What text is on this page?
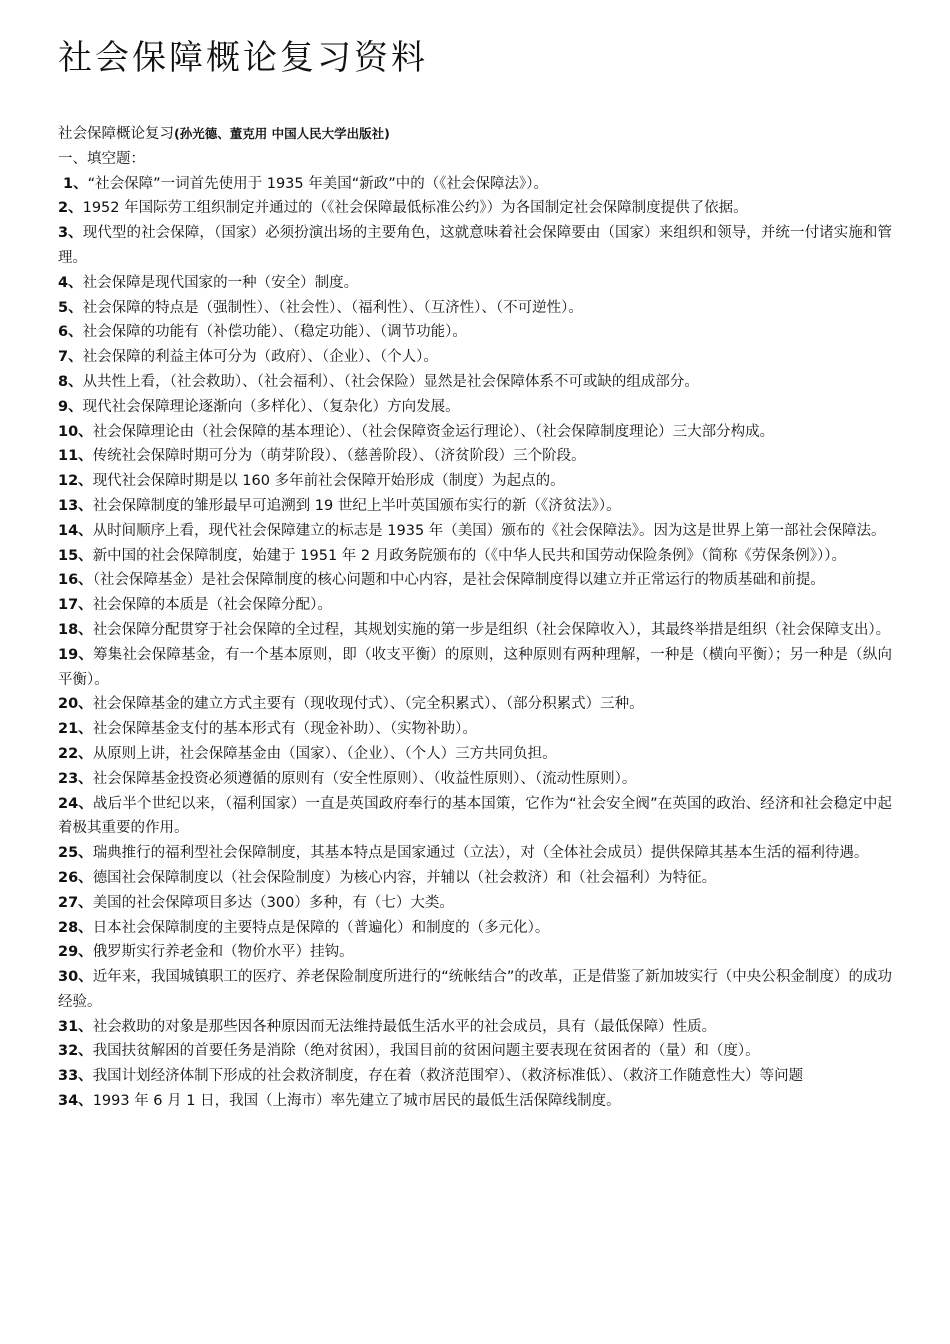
社会保障概论复习资料
社会保障概论复习(孙光德、董克用 中国人民大学出版社)
一、填空题：
1、“社会保障”一词首先使用于 1935 年美国“新政”中的（《社会保障法》）。
2、1952 年国际劳工组织制定并通过的（《社会保障最低标准公约》）为各国制定社会保障制度提供了依据。
3、现代型的社会保障，（国家）必须扮演出场的主要角色，这就意味着社会保障要由（国家）来组织和领导，并统一付诸实施和管理。
4、社会保障是现代国家的一种（安全）制度。
5、社会保障的特点是（强制性）、（社会性）、（福利性）、（互济性）、（不可逆性）。
6、社会保障的功能有（补偿功能）、（稳定功能）、（调节功能）。
7、社会保障的利益主体可分为（政府）、（企业）、（个人）。
8、从共性上看，（社会救助）、（社会福利）、（社会保险）显然是社会保障体系不可或缺的组成部分。
9、现代社会保障理论逐渐向（多样化）、（复杂化）方向发展。
10、社会保障理论由（社会保障的基本理论）、（社会保障资金运行理论）、（社会保障制度理论）三大部分构成。
11、传统社会保障时期可分为（萌芽阶段）、（慈善阶段）、（济贫阶段）三个阶段。
12、现代社会保障时期是以 160 多年前社会保障开始形成（制度）为起点的。
13、社会保障制度的雏形最早可追溯到 19 世纪上半叶英国颁布实行的新（《济贫法》）。
14、从时间顺序上看，现代社会保障建立的标志是 1935 年（美国）颁布的《社会保障法》。因为这是世界上第一部社会保障法。
15、新中国的社会保障制度，始建于 1951 年 2 月政务院颁布的（《中华人民共和国劳动保险条例》（简称《劳保条例》））。
16、（社会保障基金）是社会保障制度的核心问题和中心内容，是社会保障制度得以建立并正常运行的物质基础和前提。
17、社会保障的本质是（社会保障分配）。
18、社会保障分配贯穿于社会保障的全过程，其规划实施的第一步是组织（社会保障收入），其最终举措是组织（社会保障支出）。
19、筹集社会保障基金，有一个基本原则，即（收支平衡）的原则，这种原则有两种理解，一种是（横向平衡）；另一种是（纵向平衡）。
20、社会保障基金的建立方式主要有（现收现付式）、（完全积累式）、（部分积累式）三种。
21、社会保障基金支付的基本形式有（现金补助）、（实物补助）。
22、从原则上讲，社会保障基金由（国家）、（企业）、（个人）三方共同负担。
23、社会保障基金投资必须遵循的原则有（安全性原则）、（收益性原则）、（流动性原则）。
24、战后半个世纪以来，（福利国家）一直是英国政府奉行的基本国策，它作为“社会安全阀”在英国的政治、经济和社会稳定中起着极其重要的作用。
25、瑞典推行的福利型社会保障制度，其基本特点是国家通过（立法），对（全体社会成员）提供保障其基本生活的福利待遇。
26、德国社会保障制度以（社会保险制度）为核心内容，并辅以（社会救济）和（社会福利）为特征。
27、美国的社会保障项目多达（300）多种，有（七）大类。
28、日本社会保障制度的主要特点是保障的（普遍化）和制度的（多元化）。
29、俄罗斯实行养老金和（物价水平）挂钩。
30、近年来，我国城镇职工的医疗、养老保险制度所进行的“统帐结合”的改革，正是借鉴了新加坡实行（中央公积金制度）的成功经验。
31、社会救助的对象是那些因各种原因而无法维持最低生活水平的社会成员，具有（最低保障）性质。
32、我国扶贫解困的首要任务是消除（绝对贫困），我国目前的贫困问题主要表现在贫困者的（量）和（度）。
33、我国计划经济体制下形成的社会救济制度，存在着（救济范围窄）、（救济标准低）、（救济工作随意性大）等问题
34、1993 年 6 月 1 日，我国（上海市）率先建立了城市居民的最低生活保障线制度。
